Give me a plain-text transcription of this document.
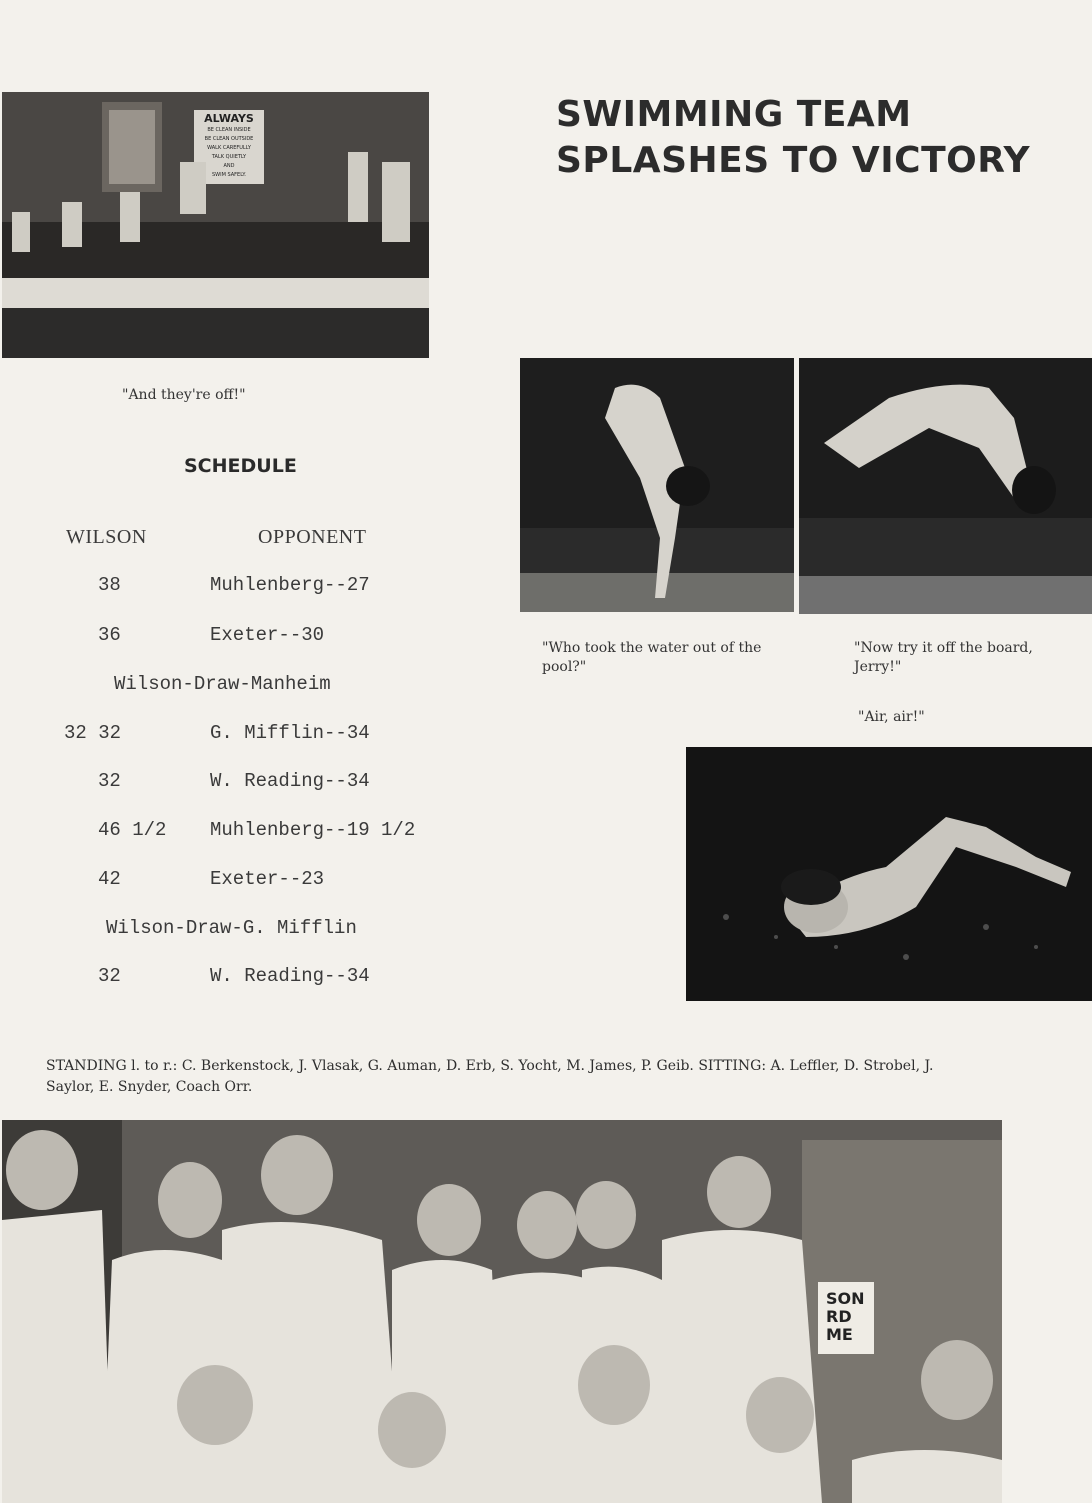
SWIMMING TEAM
SPLASHES TO VICTORY
ALWAYS
BE CLEAN INSIDE
BE CLEAN OUTSIDE
WALK CAREFULLY
TALK QUIETLY
AND
SWIM SAFELY.
"And they're off!"
"Who took the water out of the pool?"
"Now try it off the board, Jerry!"
"Air, air!"
SCHEDULE
WILSON	OPPONENT
38	Muhlenberg--27
36	Exeter--30
Wilson-Draw-Manheim
32 32	G. Mifflin--34
32	W. Reading--34
46 1/2 Muhlenberg--19 1/2
42	Exeter--23
Wilson-Draw-G. Mifflin
32	W. Reading--34
STANDING l. to r.: C. Berkenstock, J. Vlasak, G. Auman, D. Erb, S. Yocht, M. James, P. Geib. SITTING: A. Leffler, D. Strobel, J. Saylor, E. Snyder, Coach Orr.
SON
RD
ME
